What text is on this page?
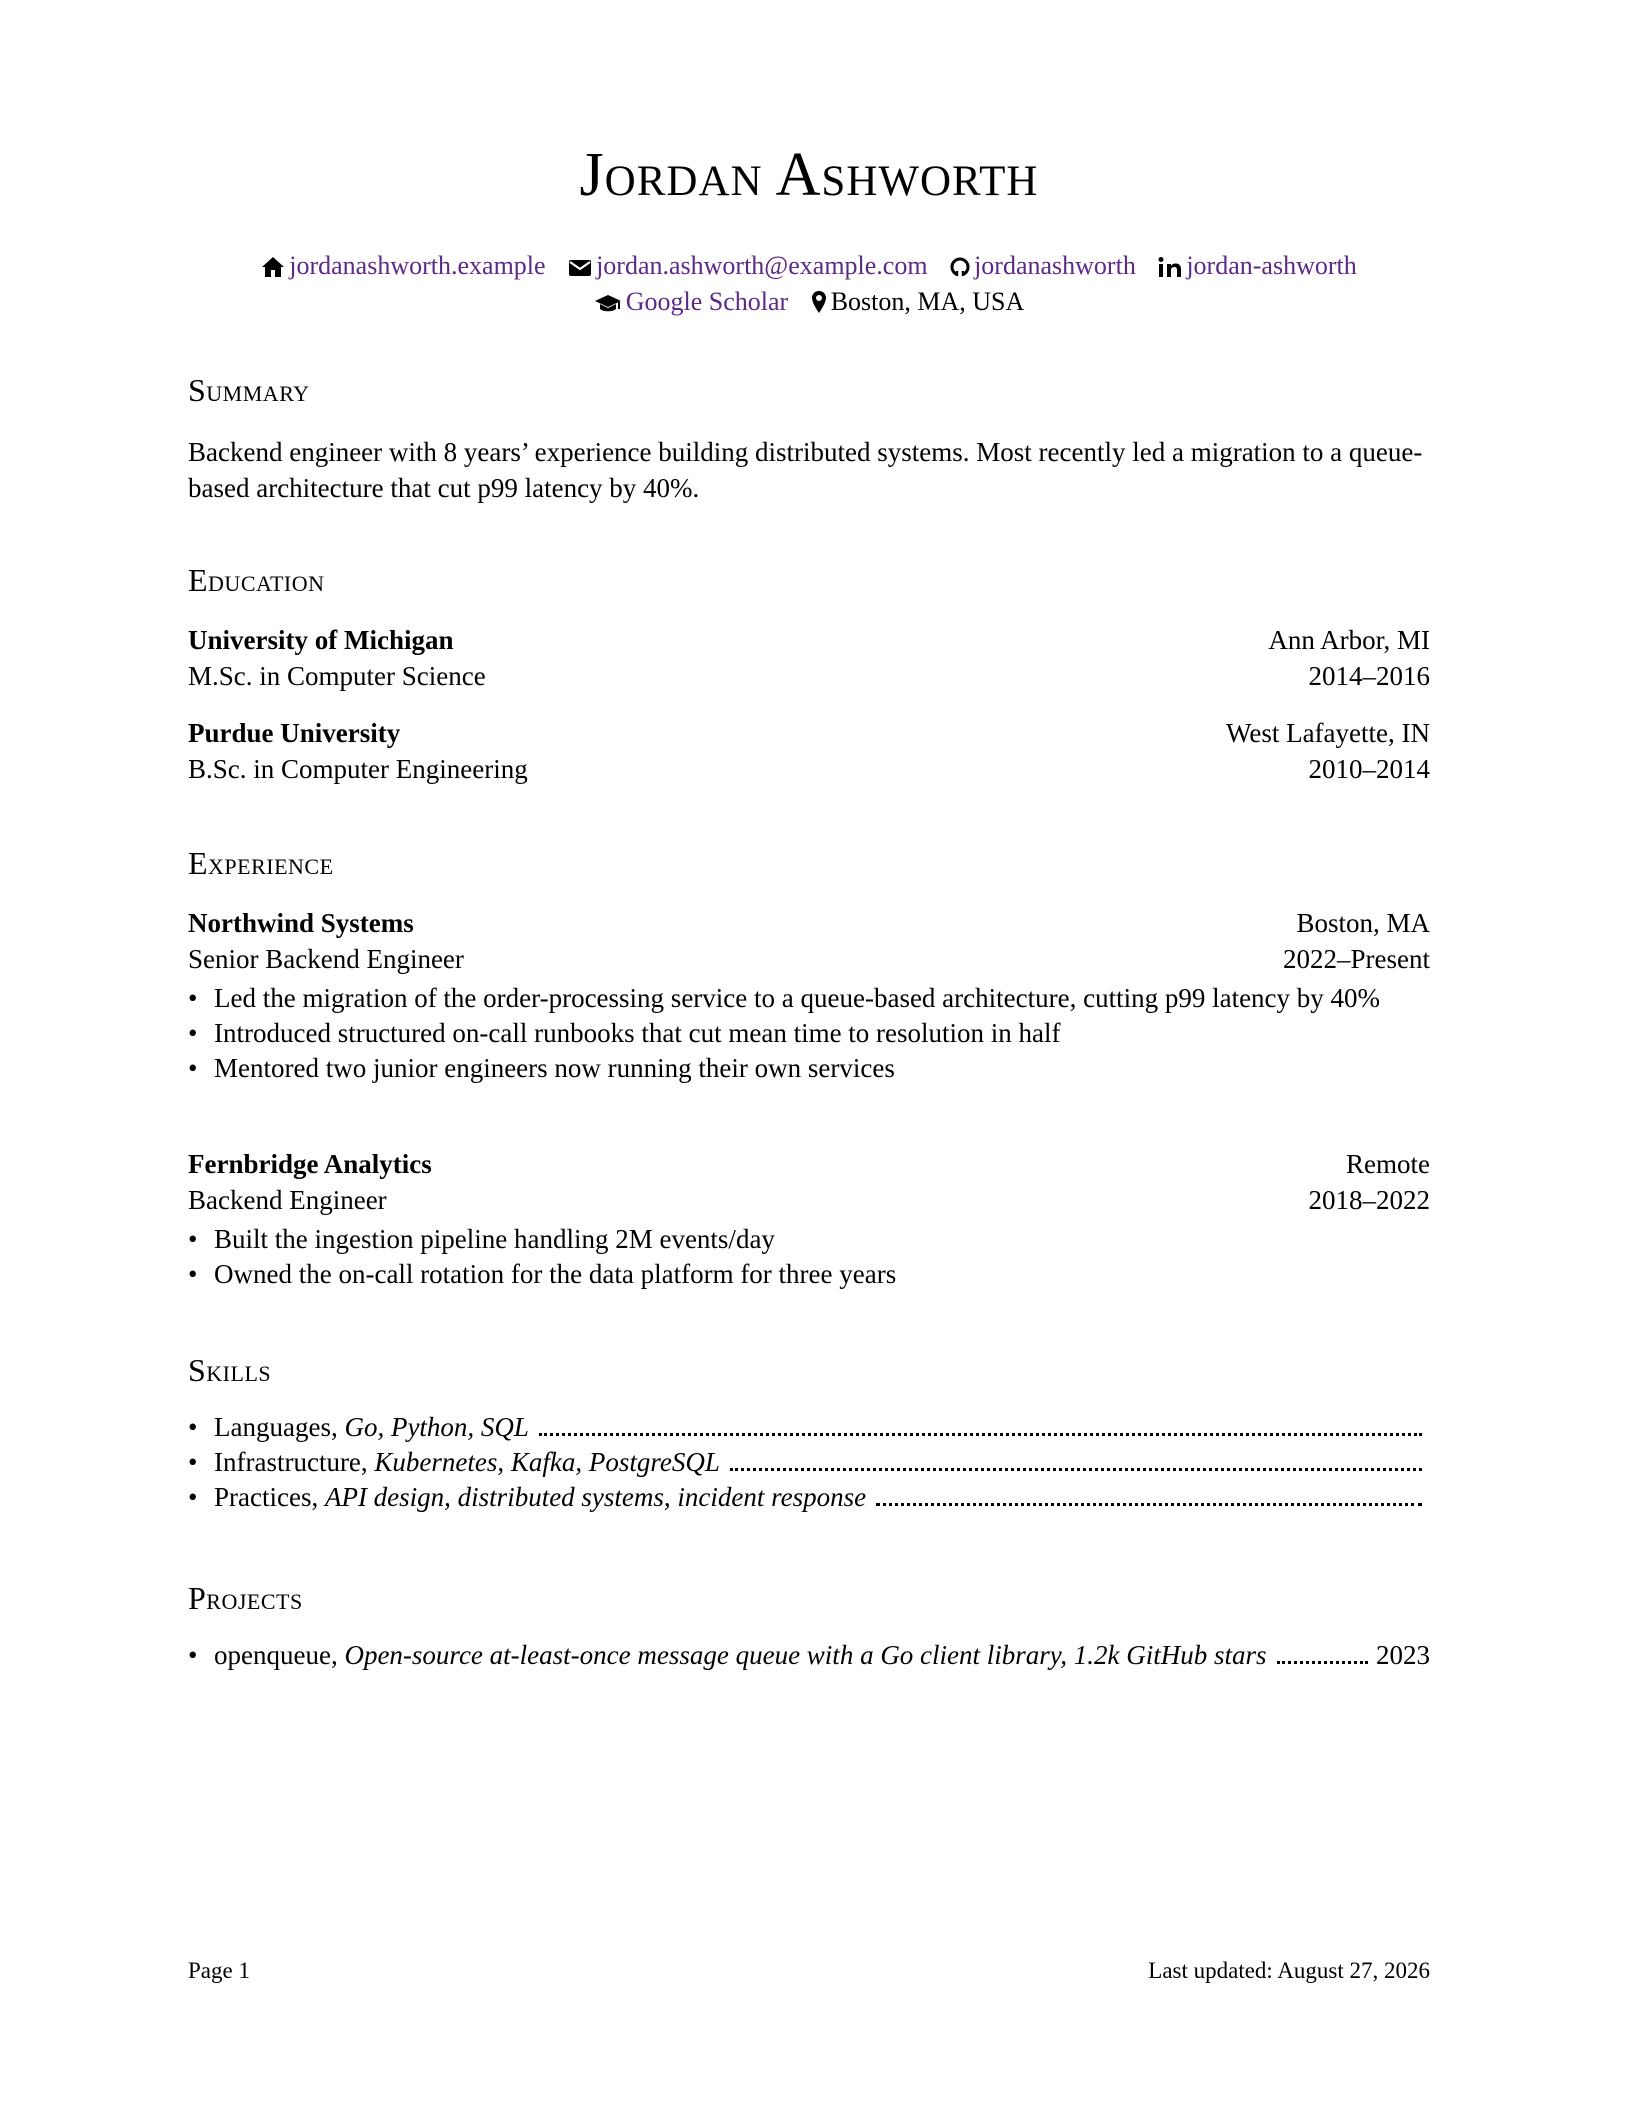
Jordan Ashworth
jordanashworth.example jordan.ashworth@example.com jordanashworth jordan-ashworth Google Scholar Boston, MA, USA
Summary
Backend engineer with 8 years’ experience building distributed systems. Most recently led a migration to a queue-based architecture that cut p99 latency by 40%.
Education
University of Michigan	Ann Arbor, MI
M.Sc. in Computer Science	2014–2016
Purdue University	West Lafayette, IN
B.Sc. in Computer Engineering	2010–2014
Experience
Northwind Systems	Boston, MA
Senior Backend Engineer	2022–Present
• Led the migration of the order-processing service to a queue-based architecture, cutting p99 latency by 40%
• Introduced structured on-call runbooks that cut mean time to resolution in half
• Mentored two junior engineers now running their own services
Fernbridge Analytics	Remote
Backend Engineer	2018–2022
• Built the ingestion pipeline handling 2M events/day
• Owned the on-call rotation for the data platform for three years
Skills
• Languages, Go, Python, SQL
• Infrastructure, Kubernetes, Kafka, PostgreSQL
• Practices, API design, distributed systems, incident response
Projects
• openqueue, Open-source at-least-once message queue with a Go client library, 1.2k GitHub stars	2023
Page 1	Last updated: August 27, 2026
